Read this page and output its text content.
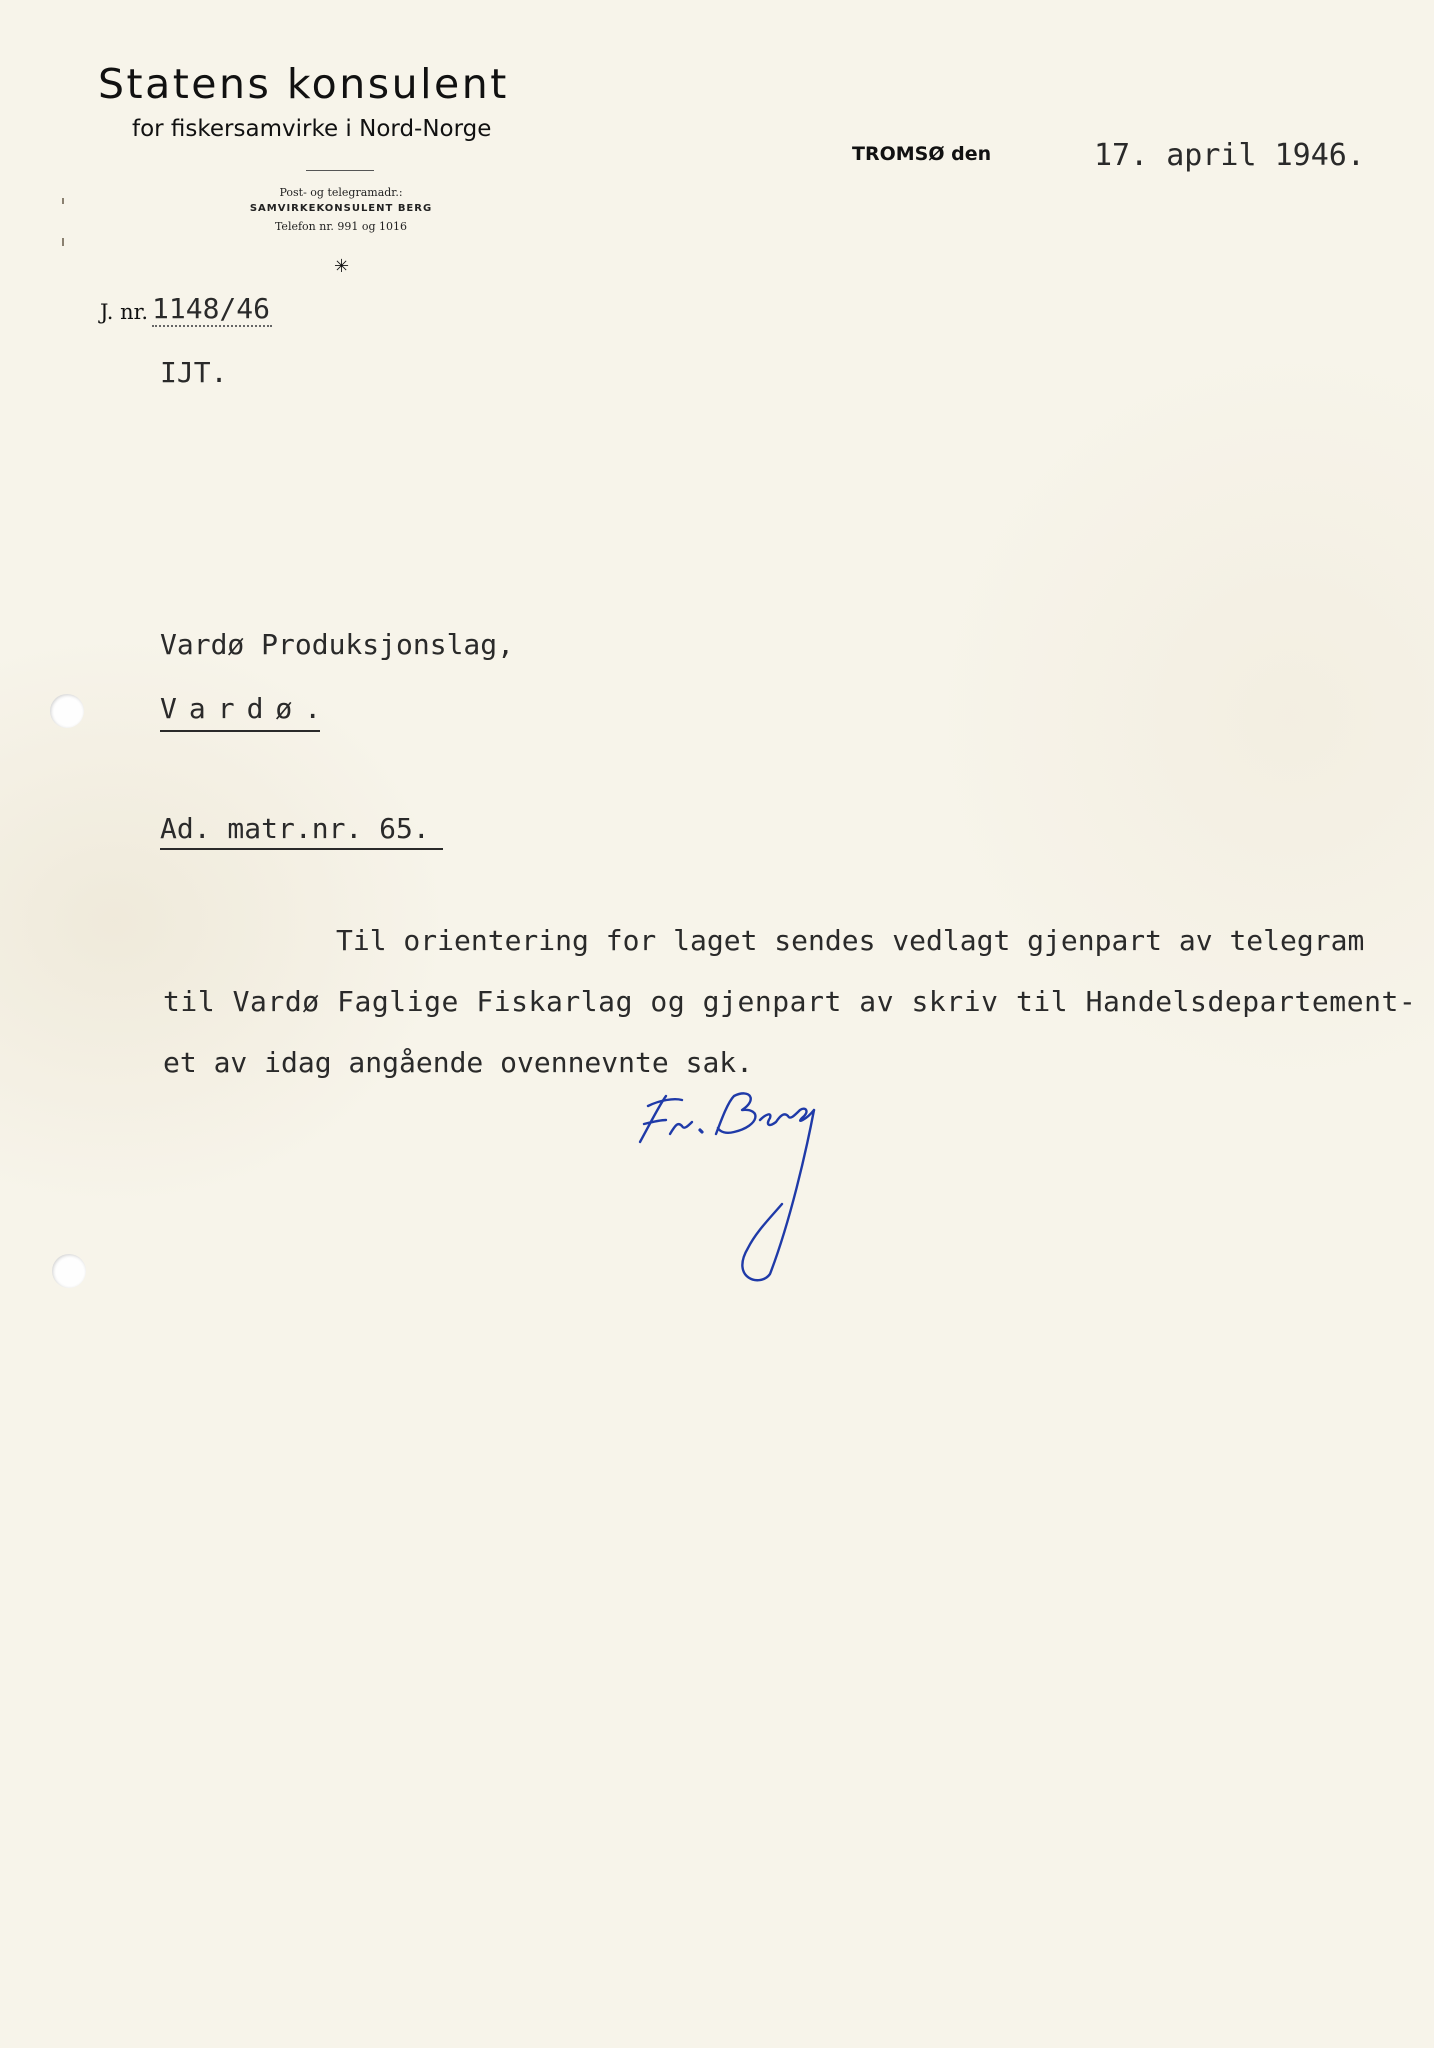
Statens konsulent
for fiskersamvirke i Nord-Norge
Post- og telegramadr.:
SAMVIRKEKONSULENT BERG
Telefon nr. 991 og 1016
✳
TROMSØ den	17. april 1946.
J. nr. 1148/46
IJT.
Vardø Produksjonslag,
Vardø.
Ad. matr.nr. 65.
Til orientering for laget sendes vedlagt gjenpart av telegram
til Vardø Faglige Fiskarlag og gjenpart av skriv til Handelsdepartement-
et av idag angående ovennevnte sak.
